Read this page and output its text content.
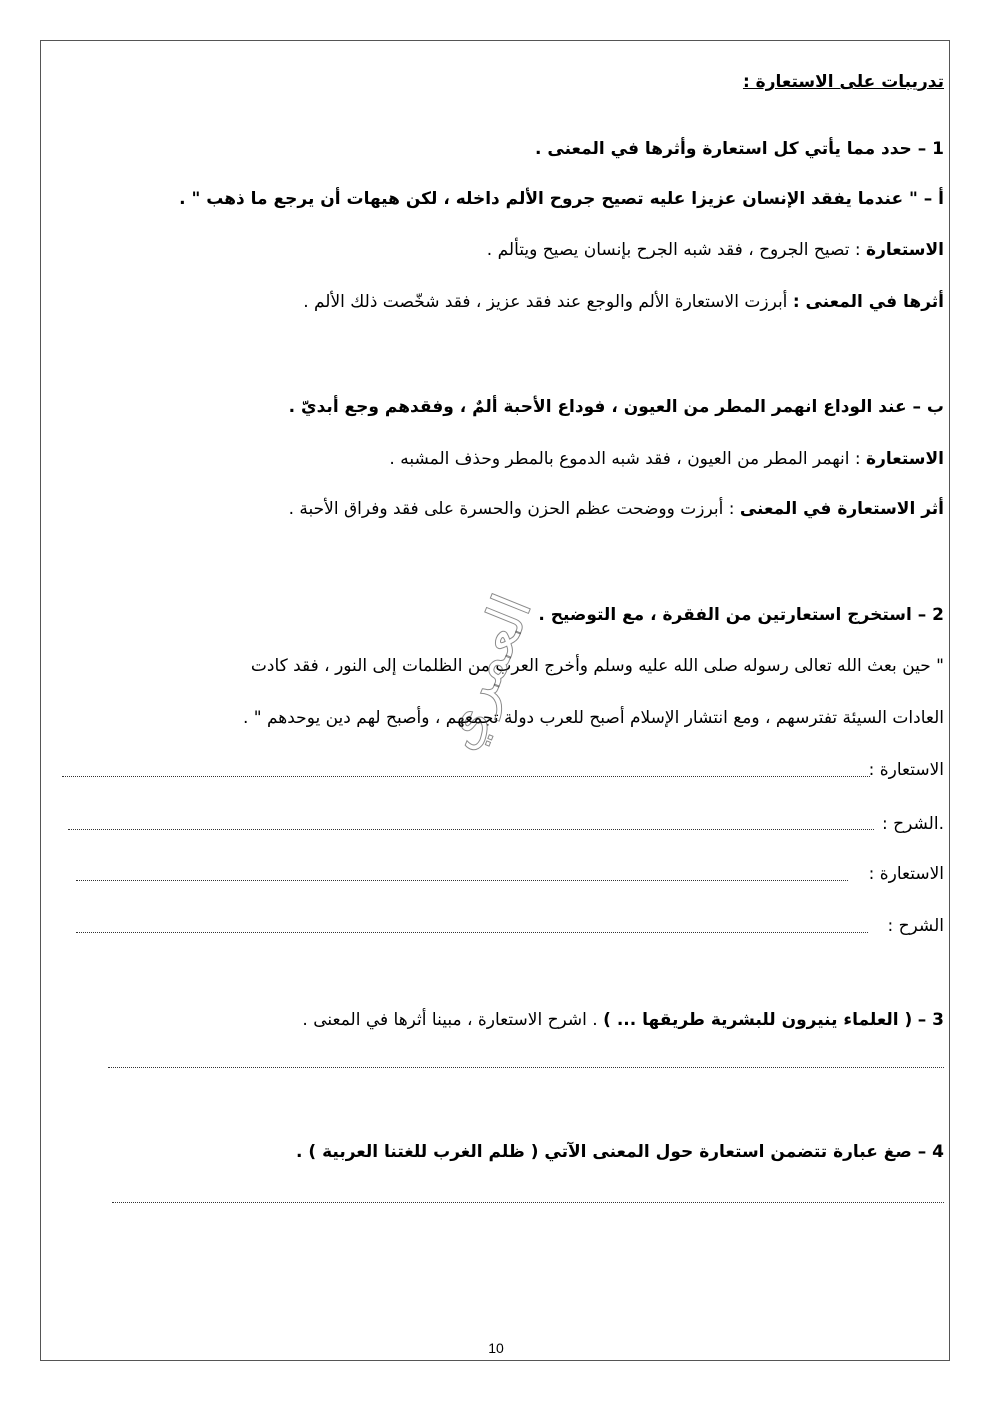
تدريبات على الاستعارة :
1 – حدد مما يأتي كل استعارة وأثرها في المعنى .
أ – " عندما يفقد الإنسان عزيزا عليه تصيح جروح الألم داخله ، لكن هيهات أن يرجع ما ذهب " .
الاستعارة : تصيح الجروح ، فقد شبه الجرح بإنسان يصيح ويتألم .
أثرها في المعنى : أبرزت الاستعارة الألم والوجع عند فقد عزيز ، فقد شخّصت ذلك الألم .
ب – عند الوداع انهمر المطر من العيون ، فوداع الأحبة ألمٌ ، وفقدهم وجع أبديّ .
الاستعارة : انهمر المطر من العيون ، فقد شبه الدموع بالمطر وحذف المشبه .
أثر الاستعارة في المعنى : أبرزت ووضحت عظم الحزن والحسرة على فقد وفراق الأحبة .
2 – استخرج استعارتين من الفقرة ، مع التوضيح .
" حين بعث الله تعالى رسوله صلى الله عليه وسلم وأخرج العرب من الظلمات إلى النور ، فقد كادت
العادات السيئة تفترسهم ، ومع انتشار الإسلام أصبح للعرب دولة تجمعهم ، وأصبح لهم دين يوحدهم " .
الاستعارة :
.الشرح :
الاستعارة :
الشرح :
3 – ( العلماء ينيرون للبشرية طريقها ... ) . اشرح الاستعارة ، مبينا أثرها في المعنى .
4 – صغ عبارة تتضمن استعارة حول المعنى الآتي ( ظلم الغرب للغتنا العربية ) .
العمري
10
